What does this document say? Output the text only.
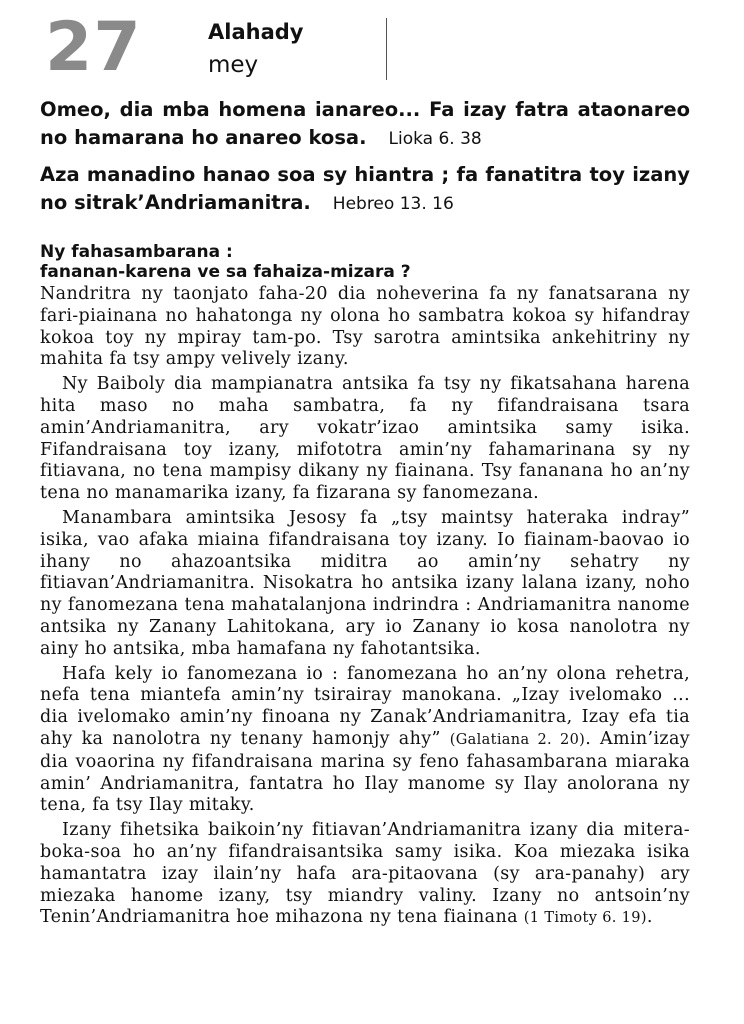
27	Alahady
mey

Omeo, dia mba homena ianareo... Fa izay fatra ataonareo no hamarana ho anareo kosa. Lioka 6. 38

Aza manadino hanao soa sy hiantra ; fa fanatitra toy izany no sitrak’Andriamanitra. Hebreo 13. 16

Ny fahasambarana :
fananan-karena ve sa fahaiza-mizara ?

Nandritra ny taonjato faha-20 dia noheverina fa ny fanatsarana ny fari-piainana no hahatonga ny olona ho sambatra kokoa sy hifandray kokoa toy ny mpiray tam-po. Tsy sarotra amintsika ankehitriny ny mahita fa tsy ampy velively izany.

Ny Baiboly dia mampianatra antsika fa tsy ny fikatsahana harena hita maso no maha sambatra, fa ny fifandraisana tsara amin’Andriamanitra, ary vokatr’izao amintsika samy isika. Fifandraisana toy izany, mifototra amin’ny fahamarinana sy ny fitiavana, no tena mampisy dikany ny fiainana. Tsy fananana ho an’ny tena no manamarika izany, fa fizarana sy fanomezana.

Manambara amintsika Jesosy fa „tsy maintsy hateraka indray” isika, vao afaka miaina fifandraisana toy izany. Io fiainam-baovao io ihany no ahazoantsika miditra ao amin’ny sehatry ny fitiavan’Andriamanitra. Nisokatra ho antsika izany lalana izany, noho ny fanomezana tena mahatalanjona indrindra : Andriamanitra nanome antsika ny Zanany Lahitokana, ary io Zanany io kosa nanolotra ny ainy ho antsika, mba hamafana ny fahotantsika.

Hafa kely io fanomezana io : fanomezana ho an’ny olona rehetra, nefa tena miantefa amin’ny tsirairay manokana. „Izay ivelomako ... dia ivelomako amin’ny finoana ny Zanak’Andriamanitra, Izay efa tia ahy ka nanolotra ny tenany hamonjy ahy” (Galatiana 2. 20). Amin’izay dia voaorina ny fifandraisana marina sy feno fahasambarana miaraka amin’ Andriamanitra, fantatra ho Ilay manome sy Ilay anolorana ny tena, fa tsy Ilay mitaky.

Izany fihetsika baikoin’ny fitiavan’Andriamanitra izany dia mitera-boka-soa ho an’ny fifandraisantsika samy isika. Koa miezaka isika hamantatra izay ilain’ny hafa ara-pitaovana (sy ara-panahy) ary miezaka hanome izany, tsy miandry valiny. Izany no antsoin’ny Tenin’Andriamanitra hoe mihazona ny tena fiainana (1 Timoty 6. 19).
